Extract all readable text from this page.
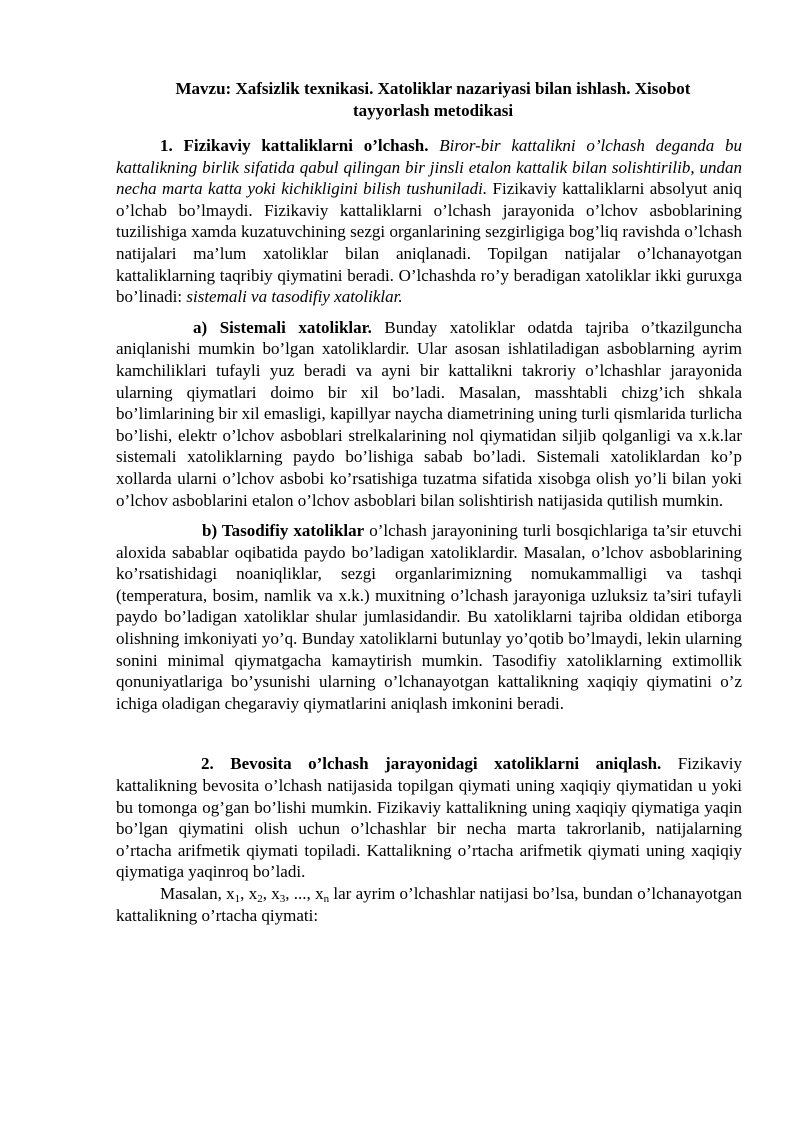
Mavzu: Xafsizlik texnikasi. Xatoliklar nazariyasi bilan ishlash. Xisobot tayyorlash metodikasi

1. Fizikaviy kattaliklarni o’lchash. Biror-bir kattalikni o’lchash deganda bu kattalikning birlik sifatida qabul qilingan bir jinsli etalon kattalik bilan solishtirilib, undan necha marta katta yoki kichikligini bilish tushuniladi. Fizikaviy kattaliklarni absolyut aniq o’lchab bo’lmaydi. Fizikaviy kattaliklarni o’lchash jarayonida o’lchov asboblarining tuzilishiga xamda kuzatuvchining sezgi organlarining sezgirligiga bog’liq ravishda o’lchash natijalari ma’lum xatoliklar bilan aniqlanadi. Topilgan natijalar o’lchanayotgan kattaliklarning taqribiy qiymatini beradi. O’lchashda ro’y beradigan xatoliklar ikki guruxga bo’linadi: sistemali va tasodifiy xatoliklar.

a) Sistemali xatoliklar. Bunday xatoliklar odatda tajriba o’tkazilguncha aniqlanishi mumkin bo’lgan xatoliklardir. Ular asosan ishlatiladigan asboblarning ayrim kamchiliklari tufayli yuz beradi va ayni bir kattalikni takroriy o’lchashlar jarayonida ularning qiymatlari doimo bir xil bo’ladi. Masalan, masshtabli chizg’ich shkala bo’limlarining bir xil emasligi, kapillyar naycha diametrining uning turli qismlarida turlicha bo’lishi, elektr o’lchov asboblari strelkalarining nol qiymatidan siljib qolganligi va x.k.lar sistemali xatoliklarning paydo bo’lishiga sabab bo’ladi. Sistemali xatoliklardan ko’p xollarda ularni o’lchov asbobi ko’rsatishiga tuzatma sifatida xisobga olish yo’li bilan yoki o’lchov asboblarini etalon o’lchov asboblari bilan solishtirish natijasida qutilish mumkin.

b) Tasodifiy xatoliklar o’lchash jarayonining turli bosqichlariga ta’sir etuvchi aloxida sabablar oqibatida paydo bo’ladigan xatoliklardir. Masalan, o’lchov asboblarining ko’rsatishidagi noaniqliklar, sezgi organlarimizning nomukammalligi va tashqi (temperatura, bosim, namlik va x.k.) muxitning o’lchash jarayoniga uzluksiz ta’siri tufayli paydo bo’ladigan xatoliklar shular jumlasidandir. Bu xatoliklarni tajriba oldidan etiborga olishning imkoniyati yo’q. Bunday xatoliklarni butunlay yo’qotib bo’lmaydi, lekin ularning sonini minimal qiymatgacha kamaytirish mumkin. Tasodifiy xatoliklarning extimollik qonuniyatlariga bo’ysunishi ularning o’lchanayotgan kattalikning xaqiqiy qiymatini o’z ichiga oladigan chegaraviy qiymatlarini aniqlash imkonini beradi.

2. Bevosita o’lchash jarayonidagi xatoliklarni aniqlash. Fizikaviy kattalikning bevosita o’lchash natijasida topilgan qiymati uning xaqiqiy qiymatidan u yoki bu tomonga og’gan bo’lishi mumkin. Fizikaviy kattalikning uning xaqiqiy qiymatiga yaqin bo’lgan qiymatini olish uchun o’lchashlar bir necha marta takrorlanib, natijalarning o’rtacha arifmetik qiymati topiladi. Kattalikning o’rtacha arifmetik qiymati uning xaqiqiy qiymatiga yaqinroq bo’ladi.

Masalan, $x_1$, $x_2$, $x_3$, ..., $x_n$ lar ayrim o’lchashlar natijasi bo’lsa, bundan o’lchanayotgan kattalikning o’rtacha qiymati:
